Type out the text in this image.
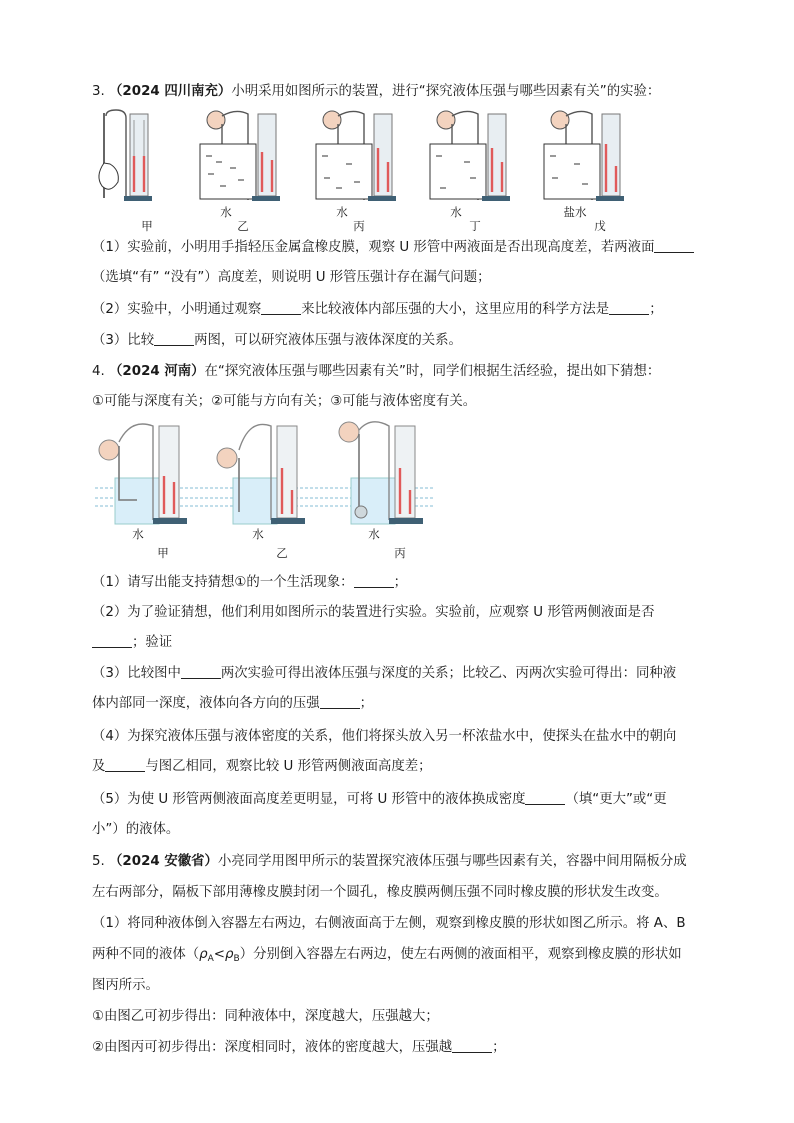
3. （2024 四川南充）小明采用如图所示的装置，进行“探究液体压强与哪些因素有关”的实验：
水	水	水	盐水
甲	乙	丙	丁	戊
（1）实验前，小明用手指轻压金属盒橡皮膜，观察 U 形管中两液面是否出现高度差，若两液面
（选填“有” “没有”）高度差，则说明 U 形管压强计存在漏气问题；
（2）实验中，小明通过观察	来比较液体内部压强的大小，这里应用的科学方法是	；
（3）比较	两图，可以研究液体压强与液体深度的关系。
4. （2024 河南）在“探究液体压强与哪些因素有关”时，同学们根据生活经验，提出如下猜想：
①可能与深度有关；②可能与方向有关；③可能与液体密度有关。
水	水	水
甲	乙	丙
（1）请写出能支持猜想①的一个生活现象：	；
（2）为了验证猜想，他们利用如图所示的装置进行实验。实验前，应观察 U 形管两侧液面是否
；验证
（3）比较图中	两次实验可得出液体压强与深度的关系；比较乙、丙两次实验可得出：同种液
体内部同一深度，液体向各方向的压强	；
（4）为探究液体压强与液体密度的关系，他们将探头放入另一杯浓盐水中，使探头在盐水中的朝向
及	与图乙相同，观察比较 U 形管两侧液面高度差；
（5）为使 U 形管两侧液面高度差更明显，可将 U 形管中的液体换成密度	（填“更大”或“更
小”）的液体。
5. （2024 安徽省）小亮同学用图甲所示的装置探究液体压强与哪些因素有关，容器中间用隔板分成
左右两部分，隔板下部用薄橡皮膜封闭一个圆孔，橡皮膜两侧压强不同时橡皮膜的形状发生改变。
（1）将同种液体倒入容器左右两边，右侧液面高于左侧，观察到橡皮膜的形状如图乙所示。将 A、B
两种不同的液体$(\rho_A<\rho_B)$分别倒入容器左右两边，使左右两侧的液面相平，观察到橡皮膜的形状如
图丙所示。
①由图乙可初步得出：同种液体中，深度越大，压强越大；
②由图丙可初步得出：深度相同时，液体的密度越大，压强越	；
